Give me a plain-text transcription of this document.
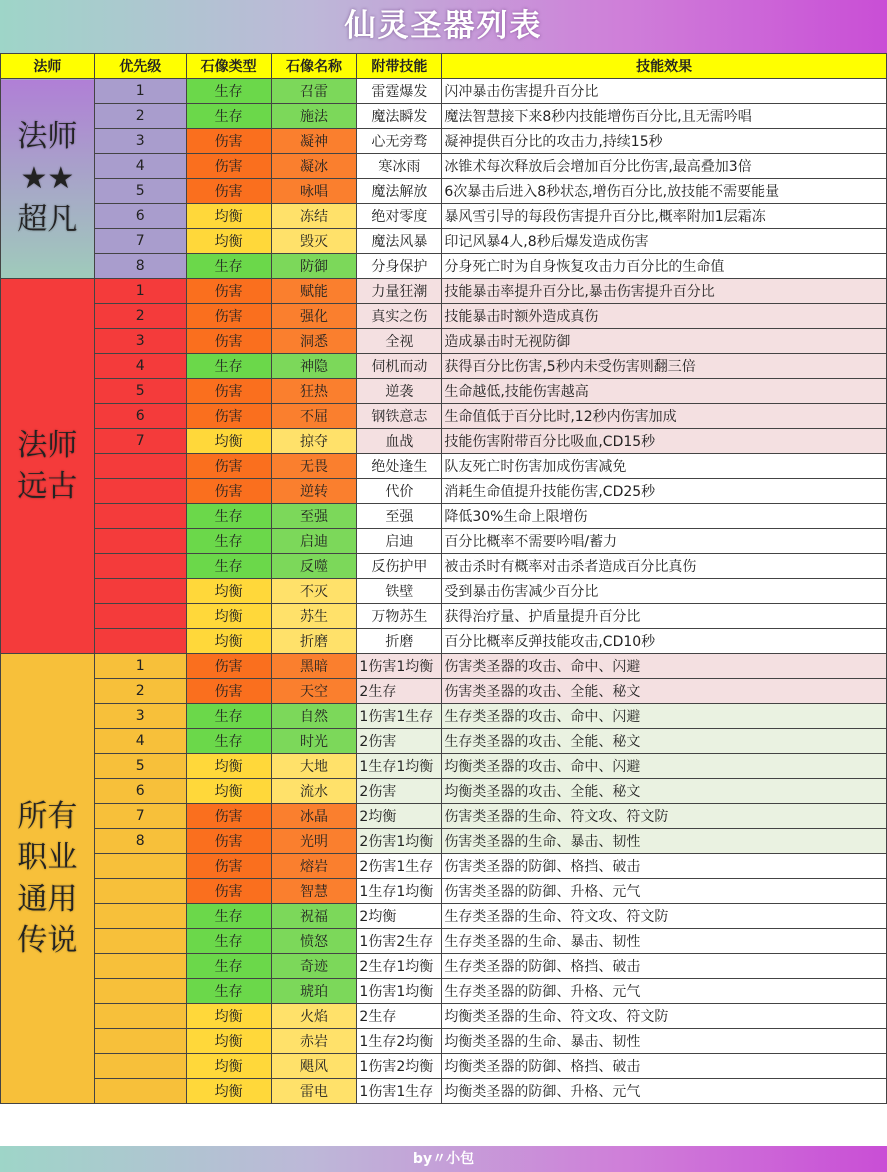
仙灵圣器列表
法师	优先级	石像类型	石像名称	附带技能	技能效果

法师
★★
超凡	1	生存	召雷	雷霆爆发	闪冲暴击伤害提升百分比
	2	生存	施法	魔法瞬发	魔法智慧接下来8秒内技能增伤百分比,且无需吟唱
	3	伤害	凝神	心无旁骛	凝神提供百分比的攻击力,持续15秒
	4	伤害	凝冰	寒冰雨	冰锥术每次释放后会增加百分比伤害,最高叠加3倍
	5	伤害	咏唱	魔法解放	6次暴击后进入8秒状态,增伤百分比,放技能不需要能量
	6	均衡	冻结	绝对零度	暴风雪引导的每段伤害提升百分比,概率附加1层霜冻
	7	均衡	毁灭	魔法风暴	印记风暴4人,8秒后爆发造成伤害
	8	生存	防御	分身保护	分身死亡时为自身恢复攻击力百分比的生命值

法师
远古	1	伤害	赋能	力量狂潮	技能暴击率提升百分比,暴击伤害提升百分比
	2	伤害	强化	真实之伤	技能暴击时额外造成真伤
	3	伤害	洞悉	全视	造成暴击时无视防御
	4	生存	神隐	伺机而动	获得百分比伤害,5秒内未受伤害则翻三倍
	5	伤害	狂热	逆袭	生命越低,技能伤害越高
	6	伤害	不屈	钢铁意志	生命值低于百分比时,12秒内伤害加成
	7	均衡	掠夺	血战	技能伤害附带百分比吸血,CD15秒
		伤害	无畏	绝处逢生	队友死亡时伤害加成伤害减免
		伤害	逆转	代价	消耗生命值提升技能伤害,CD25秒
		生存	至强	至强	降低30%生命上限增伤
		生存	启迪	启迪	百分比概率不需要吟唱/蓄力
		生存	反噬	反伤护甲	被击杀时有概率对击杀者造成百分比真伤
		均衡	不灭	铁壁	受到暴击伤害减少百分比
		均衡	苏生	万物苏生	获得治疗量、护盾量提升百分比
		均衡	折磨	折磨	百分比概率反弹技能攻击,CD10秒

所有
职业
通用
传说	1	伤害	黑暗	1伤害1均衡	伤害类圣器的攻击、命中、闪避
	2	伤害	天空	2生存	伤害类圣器的攻击、全能、秘文
	3	生存	自然	1伤害1生存	生存类圣器的攻击、命中、闪避
	4	生存	时光	2伤害	生存类圣器的攻击、全能、秘文
	5	均衡	大地	1生存1均衡	均衡类圣器的攻击、命中、闪避
	6	均衡	流水	2伤害	均衡类圣器的攻击、全能、秘文
	7	伤害	冰晶	2均衡	伤害类圣器的生命、符文攻、符文防
	8	伤害	光明	2伤害1均衡	伤害类圣器的生命、暴击、韧性
		伤害	熔岩	2伤害1生存	伤害类圣器的防御、格挡、破击
		伤害	智慧	1生存1均衡	伤害类圣器的防御、升格、元气
		生存	祝福	2均衡	生存类圣器的生命、符文攻、符文防
		生存	愤怒	1伤害2生存	生存类圣器的生命、暴击、韧性
		生存	奇迹	2生存1均衡	生存类圣器的防御、格挡、破击
		生存	琥珀	1伤害1均衡	生存类圣器的防御、升格、元气
		均衡	火焰	2生存	均衡类圣器的生命、符文攻、符文防
		均衡	赤岩	1生存2均衡	均衡类圣器的生命、暴击、韧性
		均衡	飓风	1伤害2均衡	均衡类圣器的防御、格挡、破击
		均衡	雷电	1伤害1生存	均衡类圣器的防御、升格、元气
by〃小包
